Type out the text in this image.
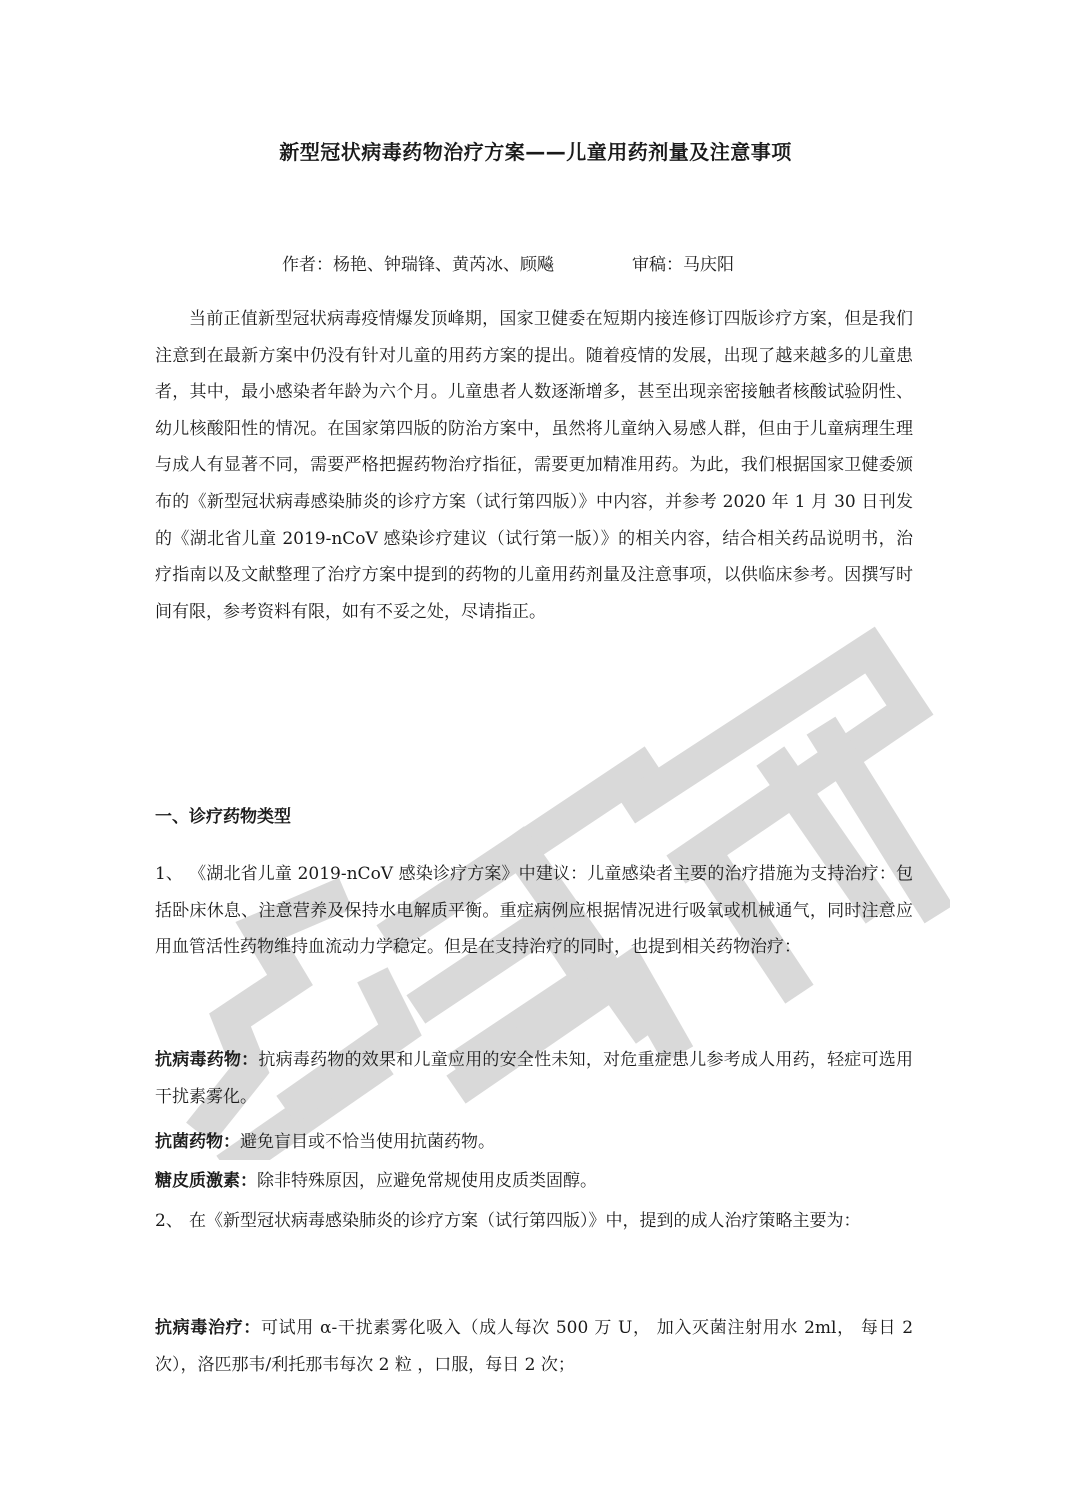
新型冠状病毒药物治疗方案——儿童用药剂量及注意事项
作者：杨艳、钟瑞锋、黄芮冰、顾飚	审稿：马庆阳

当前正值新型冠状病毒疫情爆发顶峰期，国家卫健委在短期内接连修订四版诊疗方案，但是我们注意到在最新方案中仍没有针对儿童的用药方案的提出。随着疫情的发展，出现了越来越多的儿童患者，其中，最小感染者年龄为六个月。儿童患者人数逐渐增多，甚至出现亲密接触者核酸试验阴性、幼儿核酸阳性的情况。在国家第四版的防治方案中，虽然将儿童纳入易感人群，但由于儿童病理生理与成人有显著不同，需要严格把握药物治疗指征，需要更加精准用药。为此，我们根据国家卫健委颁布的《新型冠状病毒感染肺炎的诊疗方案（试行第四版）》中内容，并参考 2020 年 1 月 30 日刊发的《湖北省儿童 2019-nCoV 感染诊疗建议（试行第一版）》的相关内容，结合相关药品说明书，治疗指南以及文献整理了治疗方案中提到的药物的儿童用药剂量及注意事项，以供临床参考。因撰写时间有限，参考资料有限，如有不妥之处，尽请指正。

一、诊疗药物类型

1、 《湖北省儿童 2019-nCoV 感染诊疗方案》中建议：儿童感染者主要的治疗措施为支持治疗：包括卧床休息、注意营养及保持水电解质平衡。重症病例应根据情况进行吸氧或机械通气，同时注意应用血管活性药物维持血流动力学稳定。但是在支持治疗的同时，也提到相关药物治疗：

抗病毒药物：抗病毒药物的效果和儿童应用的安全性未知，对危重症患儿参考成人用药，轻症可选用干扰素雾化。

抗菌药物：避免盲目或不恰当使用抗菌药物。

糖皮质激素：除非特殊原因，应避免常规使用皮质类固醇。

2、 在《新型冠状病毒感染肺炎的诊疗方案（试行第四版）》中，提到的成人治疗策略主要为：

抗病毒治疗：可试用 α-干扰素雾化吸入（成人每次 500 万 U， 加入灭菌注射用水 2ml， 每日 2 次），洛匹那韦/利托那韦每次 2 粒 ，口服，每日 2 次；
